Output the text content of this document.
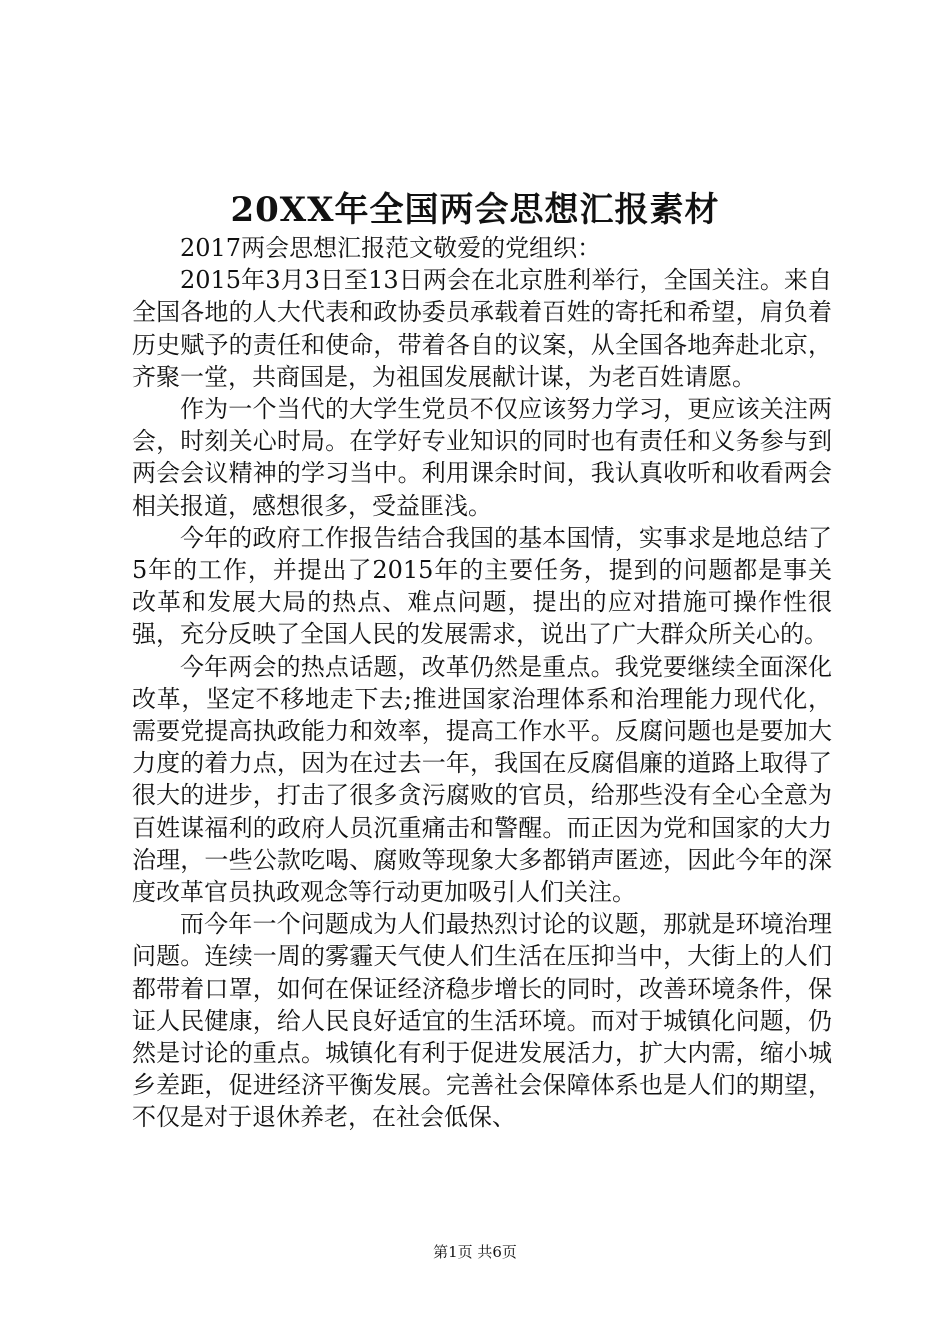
20XX年全国两会思想汇报素材

2017两会思想汇报范文敬爱的党组织：

2015年3月3日至13日两会在北京胜利举行，全国关注。来自全国各地的人大代表和政协委员承载着百姓的寄托和希望，肩负着历史赋予的责任和使命，带着各自的议案，从全国各地奔赴北京，齐聚一堂，共商国是，为祖国发展献计谋，为老百姓请愿。

作为一个当代的大学生党员不仅应该努力学习，更应该关注两会，时刻关心时局。在学好专业知识的同时也有责任和义务参与到两会会议精神的学习当中。利用课余时间，我认真收听和收看两会相关报道，感想很多，受益匪浅。

今年的政府工作报告结合我国的基本国情，实事求是地总结了5年的工作，并提出了2015年的主要任务，提到的问题都是事关改革和发展大局的热点、难点问题，提出的应对措施可操作性很强，充分反映了全国人民的发展需求，说出了广大群众所关心的。

今年两会的热点话题，改革仍然是重点。我党要继续全面深化改革，坚定不移地走下去;推进国家治理体系和治理能力现代化，需要党提高执政能力和效率，提高工作水平。反腐问题也是要加大力度的着力点，因为在过去一年，我国在反腐倡廉的道路上取得了很大的进步，打击了很多贪污腐败的官员，给那些没有全心全意为百姓谋福利的政府人员沉重痛击和警醒。而正因为党和国家的大力治理，一些公款吃喝、腐败等现象大多都销声匿迹，因此今年的深度改革官员执政观念等行动更加吸引人们关注。

而今年一个问题成为人们最热烈讨论的议题，那就是环境治理问题。连续一周的雾霾天气使人们生活在压抑当中，大街上的人们都带着口罩，如何在保证经济稳步增长的同时，改善环境条件，保证人民健康，给人民良好适宜的生活环境。而对于城镇化问题，仍然是讨论的重点。城镇化有利于促进发展活力，扩大内需，缩小城乡差距，促进经济平衡发展。完善社会保障体系也是人们的期望，不仅是对于退休养老，在社会低保、

第1页 共6页
